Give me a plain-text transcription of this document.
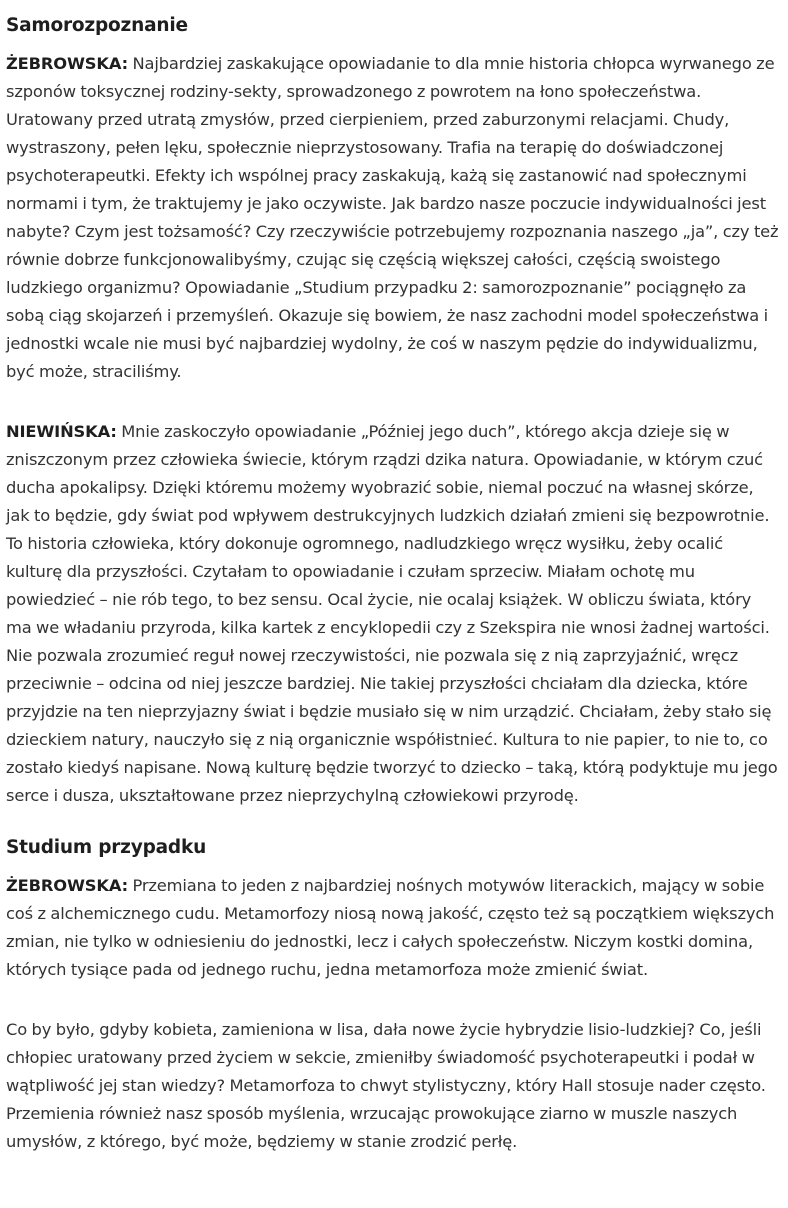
Samorozpoznanie

ŻEBROWSKA: Najbardziej zaskakujące opowiadanie to dla mnie historia chłopca wyrwanego ze szponów toksycznej rodziny-sekty, sprowadzonego z powrotem na łono społeczeństwa. Uratowany przed utratą zmysłów, przed cierpieniem, przed zaburzonymi relacjami. Chudy, wystraszony, pełen lęku, społecznie nieprzystosowany. Trafia na terapię do doświadczonej psychoterapeutki. Efekty ich wspólnej pracy zaskakują, każą się zastanowić nad społecznymi normami i tym, że traktujemy je jako oczywiste. Jak bardzo nasze poczucie indywidualności jest nabyte? Czym jest tożsamość? Czy rzeczywiście potrzebujemy rozpoznania naszego „ja”, czy też równie dobrze funkcjonowalibyśmy, czując się częścią większej całości, częścią swoistego ludzkiego organizmu? Opowiadanie „Studium przypadku 2: samorozpoznanie” pociągnęło za sobą ciąg skojarzeń i przemyśleń. Okazuje się bowiem, że nasz zachodni model społeczeństwa i jednostki wcale nie musi być najbardziej wydolny, że coś w naszym pędzie do indywidualizmu, być może, straciliśmy.

NIEWIŃSKA: Mnie zaskoczyło opowiadanie „Później jego duch”, którego akcja dzieje się w zniszczonym przez człowieka świecie, którym rządzi dzika natura. Opowiadanie, w którym czuć ducha apokalipsy. Dzięki któremu możemy wyobrazić sobie, niemal poczuć na własnej skórze, jak to będzie, gdy świat pod wpływem destrukcyjnych ludzkich działań zmieni się bezpowrotnie. To historia człowieka, który dokonuje ogromnego, nadludzkiego wręcz wysiłku, żeby ocalić kulturę dla przyszłości. Czytałam to opowiadanie i czułam sprzeciw. Miałam ochotę mu powiedzieć – nie rób tego, to bez sensu. Ocal życie, nie ocalaj książek. W obliczu świata, który ma we władaniu przyroda, kilka kartek z encyklopedii czy z Szekspira nie wnosi żadnej wartości. Nie pozwala zrozumieć reguł nowej rzeczywistości, nie pozwala się z nią zaprzyjaźnić, wręcz przeciwnie – odcina od niej jeszcze bardziej. Nie takiej przyszłości chciałam dla dziecka, które przyjdzie na ten nieprzyjazny świat i będzie musiało się w nim urządzić. Chciałam, żeby stało się dzieckiem natury, nauczyło się z nią organicznie współistnieć. Kultura to nie papier, to nie to, co zostało kiedyś napisane. Nową kulturę będzie tworzyć to dziecko – taką, którą podyktuje mu jego serce i dusza, ukształtowane przez nieprzychylną człowiekowi przyrodę.

Studium przypadku

ŻEBROWSKA: Przemiana to jeden z najbardziej nośnych motywów literackich, mający w sobie coś z alchemicznego cudu. Metamorfozy niosą nową jakość, często też są początkiem większych zmian, nie tylko w odniesieniu do jednostki, lecz i całych społeczeństw. Niczym kostki domina, których tysiące pada od jednego ruchu, jedna metamorfoza może zmienić świat.

Co by było, gdyby kobieta, zamieniona w lisa, dała nowe życie hybrydzie lisio-ludzkiej? Co, jeśli chłopiec uratowany przed życiem w sekcie, zmieniłby świadomość psychoterapeutki i podał w wątpliwość jej stan wiedzy? Metamorfoza to chwyt stylistyczny, który Hall stosuje nader często. Przemienia również nasz sposób myślenia, wrzucając prowokujące ziarno w muszle naszych umysłów, z którego, być może, będziemy w stanie zrodzić perłę.
